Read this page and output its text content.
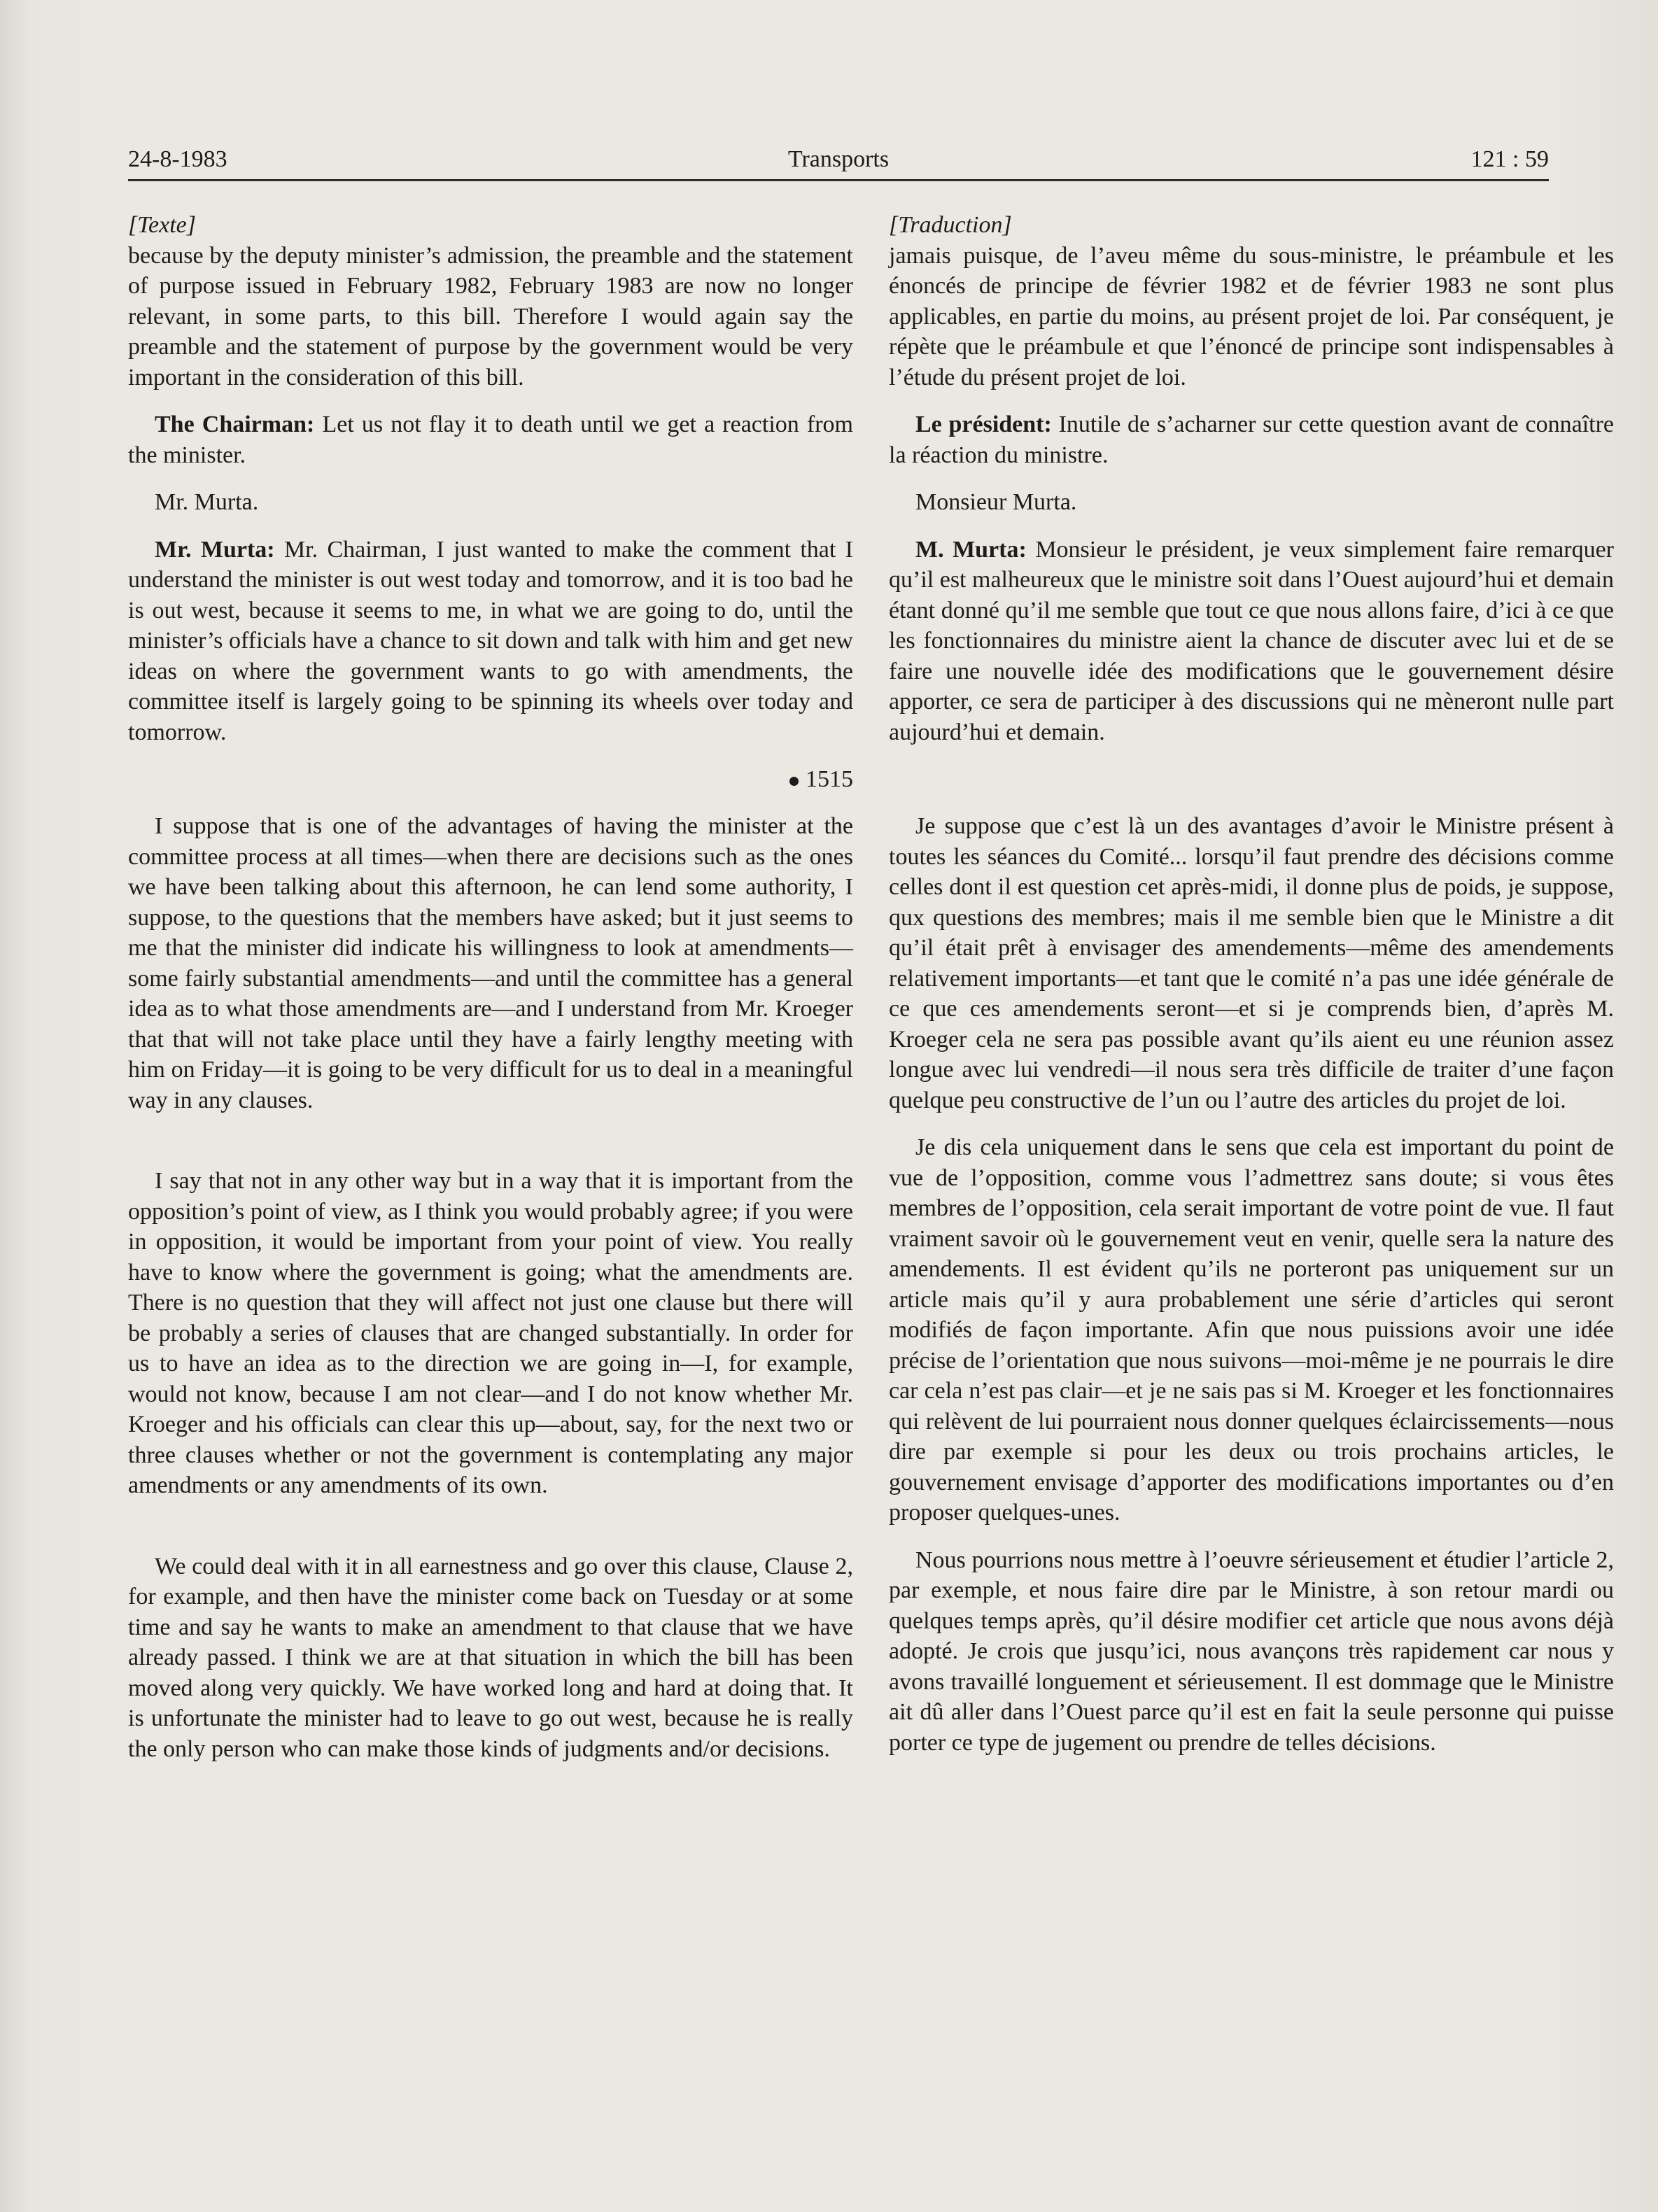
24-8-1983	Transports	121 : 59

[Texte]

because by the deputy minister’s admission, the preamble and the statement of purpose issued in February 1982, February 1983 are now no longer relevant, in some parts, to this bill. Therefore I would again say the preamble and the statement of purpose by the government would be very important in the consideration of this bill.

The Chairman: Let us not flay it to death until we get a reaction from the minister.

Mr. Murta.

Mr. Murta: Mr. Chairman, I just wanted to make the comment that I understand the minister is out west today and tomorrow, and it is too bad he is out west, because it seems to me, in what we are going to do, until the minister’s officials have a chance to sit down and talk with him and get new ideas on where the government wants to go with amendments, the committee itself is largely going to be spinning its wheels over today and tomorrow.

1515

I suppose that is one of the advantages of having the minister at the committee process at all times—when there are decisions such as the ones we have been talking about this afternoon, he can lend some authority, I suppose, to the questions that the members have asked; but it just seems to me that the minister did indicate his willingness to look at amendments—some fairly substantial amendments—and until the committee has a general idea as to what those amendments are—and I understand from Mr. Kroeger that that will not take place until they have a fairly lengthy meeting with him on Friday—it is going to be very difficult for us to deal in a meaningful way in any clauses.

I say that not in any other way but in a way that it is important from the opposition’s point of view, as I think you would probably agree; if you were in opposition, it would be important from your point of view. You really have to know where the government is going; what the amendments are. There is no question that they will affect not just one clause but there will be probably a series of clauses that are changed substantially. In order for us to have an idea as to the direction we are going in—I, for example, would not know, because I am not clear—and I do not know whether Mr. Kroeger and his officials can clear this up—about, say, for the next two or three clauses whether or not the government is contemplating any major amendments or any amendments of its own.

We could deal with it in all earnestness and go over this clause, Clause 2, for example, and then have the minister come back on Tuesday or at some time and say he wants to make an amendment to that clause that we have already passed. I think we are at that situation in which the bill has been moved along very quickly. We have worked long and hard at doing that. It is unfortunate the minister had to leave to go out west, because he is really the only person who can make those kinds of judgments and/or decisions.

[Traduction]

jamais puisque, de l’aveu même du sous-ministre, le préambule et les énoncés de principe de février 1982 et de février 1983 ne sont plus applicables, en partie du moins, au présent projet de loi. Par conséquent, je répète que le préambule et que l’énoncé de principe sont indispensables à l’étude du présent projet de loi.

Le président: Inutile de s’acharner sur cette question avant de connaître la réaction du ministre.

Monsieur Murta.

M. Murta: Monsieur le président, je veux simplement faire remarquer qu’il est malheureux que le ministre soit dans l’Ouest aujourd’hui et demain étant donné qu’il me semble que tout ce que nous allons faire, d’ici à ce que les fonctionnaires du ministre aient la chance de discuter avec lui et de se faire une nouvelle idée des modifications que le gouvernement désire apporter, ce sera de participer à des discussions qui ne mèneront nulle part aujourd’hui et demain.

Je suppose que c’est là un des avantages d’avoir le Ministre présent à toutes les séances du Comité... lorsqu’il faut prendre des décisions comme celles dont il est question cet après-midi, il donne plus de poids, je suppose, qux questions des membres; mais il me semble bien que le Ministre a dit qu’il était prêt à envisager des amendements—même des amendements relativement importants—et tant que le comité n’a pas une idée générale de ce que ces amendements seront—et si je comprends bien, d’après M. Kroeger cela ne sera pas possible avant qu’ils aient eu une réunion assez longue avec lui vendredi—il nous sera très difficile de traiter d’une façon quelque peu constructive de l’un ou l’autre des articles du projet de loi.

Je dis cela uniquement dans le sens que cela est important du point de vue de l’opposition, comme vous l’admettrez sans doute; si vous êtes membres de l’opposition, cela serait important de votre point de vue. Il faut vraiment savoir où le gouvernement veut en venir, quelle sera la nature des amendements. Il est évident qu’ils ne porteront pas uniquement sur un article mais qu’il y aura probablement une série d’articles qui seront modifiés de façon importante. Afin que nous puissions avoir une idée précise de l’orientation que nous suivons—moi-même je ne pourrais le dire car cela n’est pas clair—et je ne sais pas si M. Kroeger et les fonctionnaires qui relèvent de lui pourraient nous donner quelques éclaircissements—nous dire par exemple si pour les deux ou trois prochains articles, le gouvernement envisage d’apporter des modifications importantes ou d’en proposer quelques-unes.

Nous pourrions nous mettre à l’oeuvre sérieusement et étudier l’article 2, par exemple, et nous faire dire par le Ministre, à son retour mardi ou quelques temps après, qu’il désire modifier cet article que nous avons déjà adopté. Je crois que jusqu’ici, nous avançons très rapidement car nous y avons travaillé longuement et sérieusement. Il est dommage que le Ministre ait dû aller dans l’Ouest parce qu’il est en fait la seule personne qui puisse porter ce type de jugement ou prendre de telles décisions.
